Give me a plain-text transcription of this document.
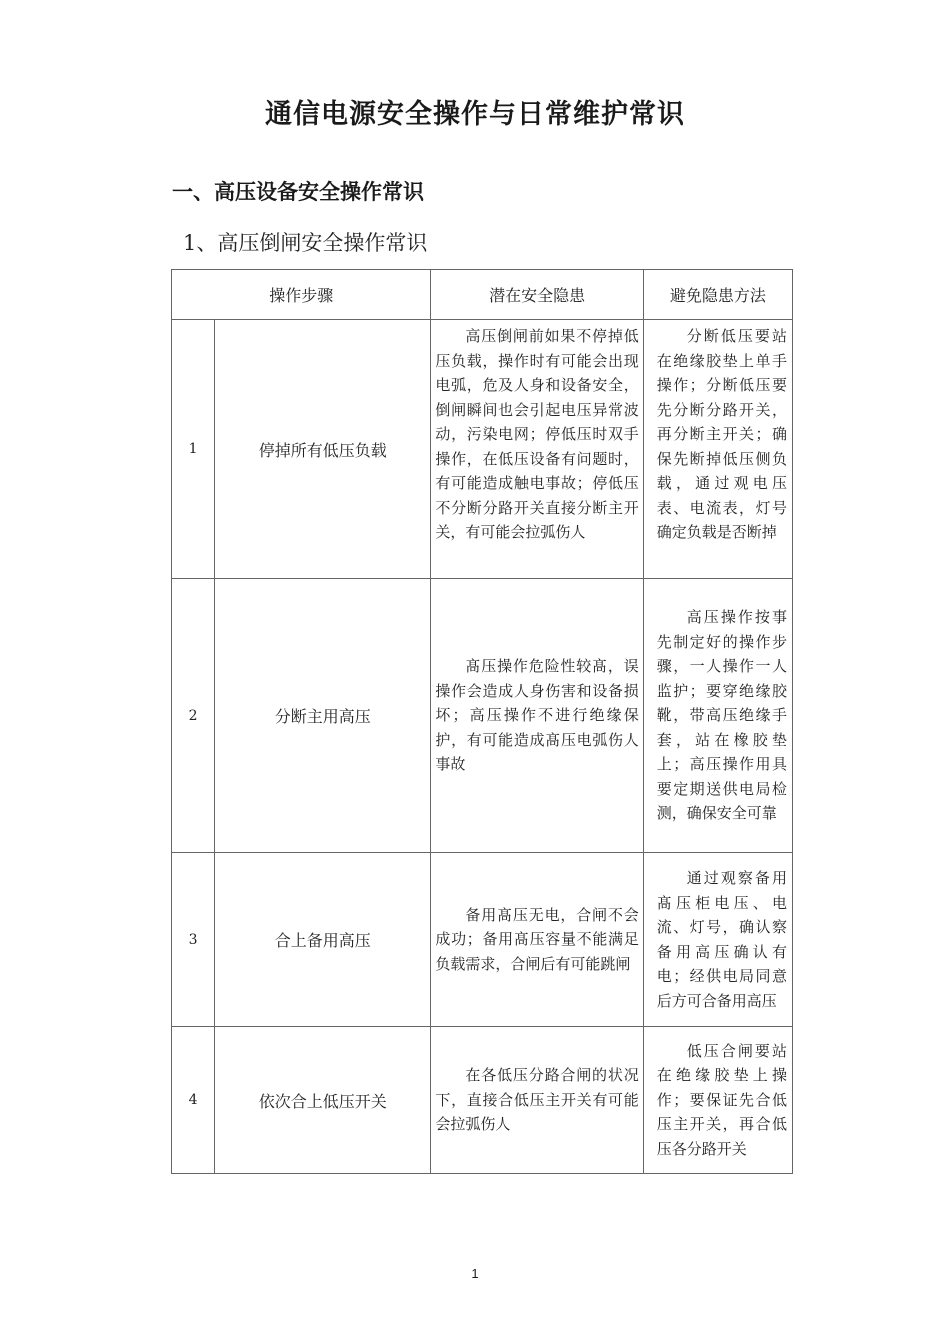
通信电源安全操作与日常维护常识
一、高压设备安全操作常识
1、高压倒闸安全操作常识
操作步骤		潜在安全隐患	避免隐患方法
1	停掉所有低压负载	高压倒闸前如果不停掉低压负载，操作时有可能会出现电弧，危及人身和设备安全，倒闸瞬间也会引起电压异常波动，污染电网；停低压时双手操作，在低压设备有问题时，有可能造成触电事故；停低压不分断分路开关直接分断主开关，有可能会拉弧伤人	分断低压要站在绝缘胶垫上单手操作；分断低压要先分断分路开关，再分断主开关；确保先断掉低压侧负载，通过观电压表、电流表，灯号确定负载是否断掉

2	分断主用高压	髙压操作危险性较髙，误操作会造成人身伤害和设备损坏；高压操作不进行绝缘保护，有可能造成髙压电弧伤人事故	高压操作按事先制定好的操作步骤，一人操作一人监护；要穿绝缘胶靴，带高压绝缘手套，站在橡胶垫上；高压操作用具要定期送供电局检测，确保安全可靠

3	合上备用高压	备用髙压无电，合闸不会成功；备用髙压容量不能满足负载需求，合闸后有可能跳闸	通过观察备用髙压柜电压、电流、灯号，确认察备用高压确认有电；经供电局同意后方可合备用高压

4	依次合上低压开关	在各低压分路合闸的状况下，直接合低压主开关有可能会拉弧伤人	低压合闸要站在绝缘胶垫上操作；要保证先合低压主开关，再合低压各分路开关
1
